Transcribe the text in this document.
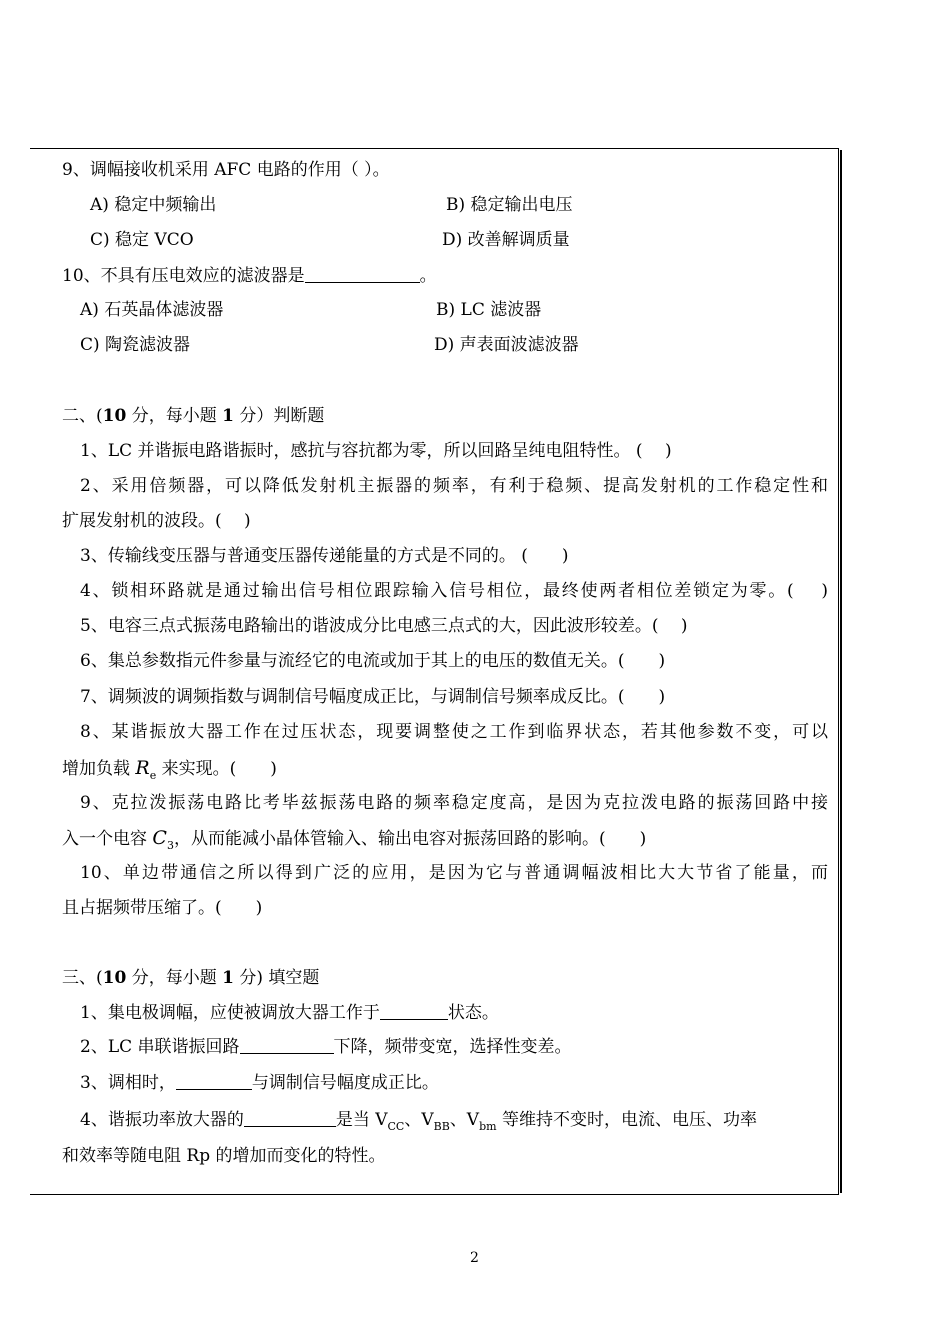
9、调幅接收机采用 AFC 电路的作用（ ）。
A) 稳定中频输出	B) 稳定输出电压
C) 稳定 VCO	D) 改善解调质量
10、不具有压电效应的滤波器是	。
A) 石英晶体滤波器	B) LC 滤波器
C) 陶瓷滤波器	D) 声表面波滤波器
二、(10 分，每小题 1 分）判断题
1、LC 并谐振电路谐振时，感抗与容抗都为零，所以回路呈纯电阻特性。 (　 )
2、采用倍频器，可以降低发射机主振器的频率，有利于稳频、提高发射机的工作稳定性和
扩展发射机的波段。(　 )
3、传输线变压器与普通变压器传递能量的方式是不同的。 (　　)
4、锁相环路就是通过输出信号相位跟踪输入信号相位，最终使两者相位差锁定为零。(　 )
5、电容三点式振荡电路输出的谐波成分比电感三点式的大，因此波形较差。(　 )
6、集总参数指元件参量与流经它的电流或加于其上的电压的数值无关。(　　)
7、调频波的调频指数与调制信号幅度成正比，与调制信号频率成反比。(　　)
8、某谐振放大器工作在过压状态，现要调整使之工作到临界状态，若其他参数不变，可以
增加负载 $R_e$ 来实现。(　　)
9、克拉泼振荡电路比考毕兹振荡电路的频率稳定度高，是因为克拉泼电路的振荡回路中接
入一个电容 $C_3$，从而能减小晶体管输入、输出电容对振荡回路的影响。(　　)
10、单边带通信之所以得到广泛的应用，是因为它与普通调幅波相比大大节省了能量，而
且占据频带压缩了。(　　)
三、(10 分，每小题 1 分) 填空题
1、集电极调幅，应使被调放大器工作于	状态。
2、LC 串联谐振回路	下降，频带变宽，选择性变差。
3、调相时，	与调制信号幅度成正比。
4、谐振功率放大器的	是当 $V_{CC}$、$V_{BB}$、$V_{bm}$ 等维持不变时，电流、电压、功率
和效率等随电阻 Rp 的增加而变化的特性。
2
